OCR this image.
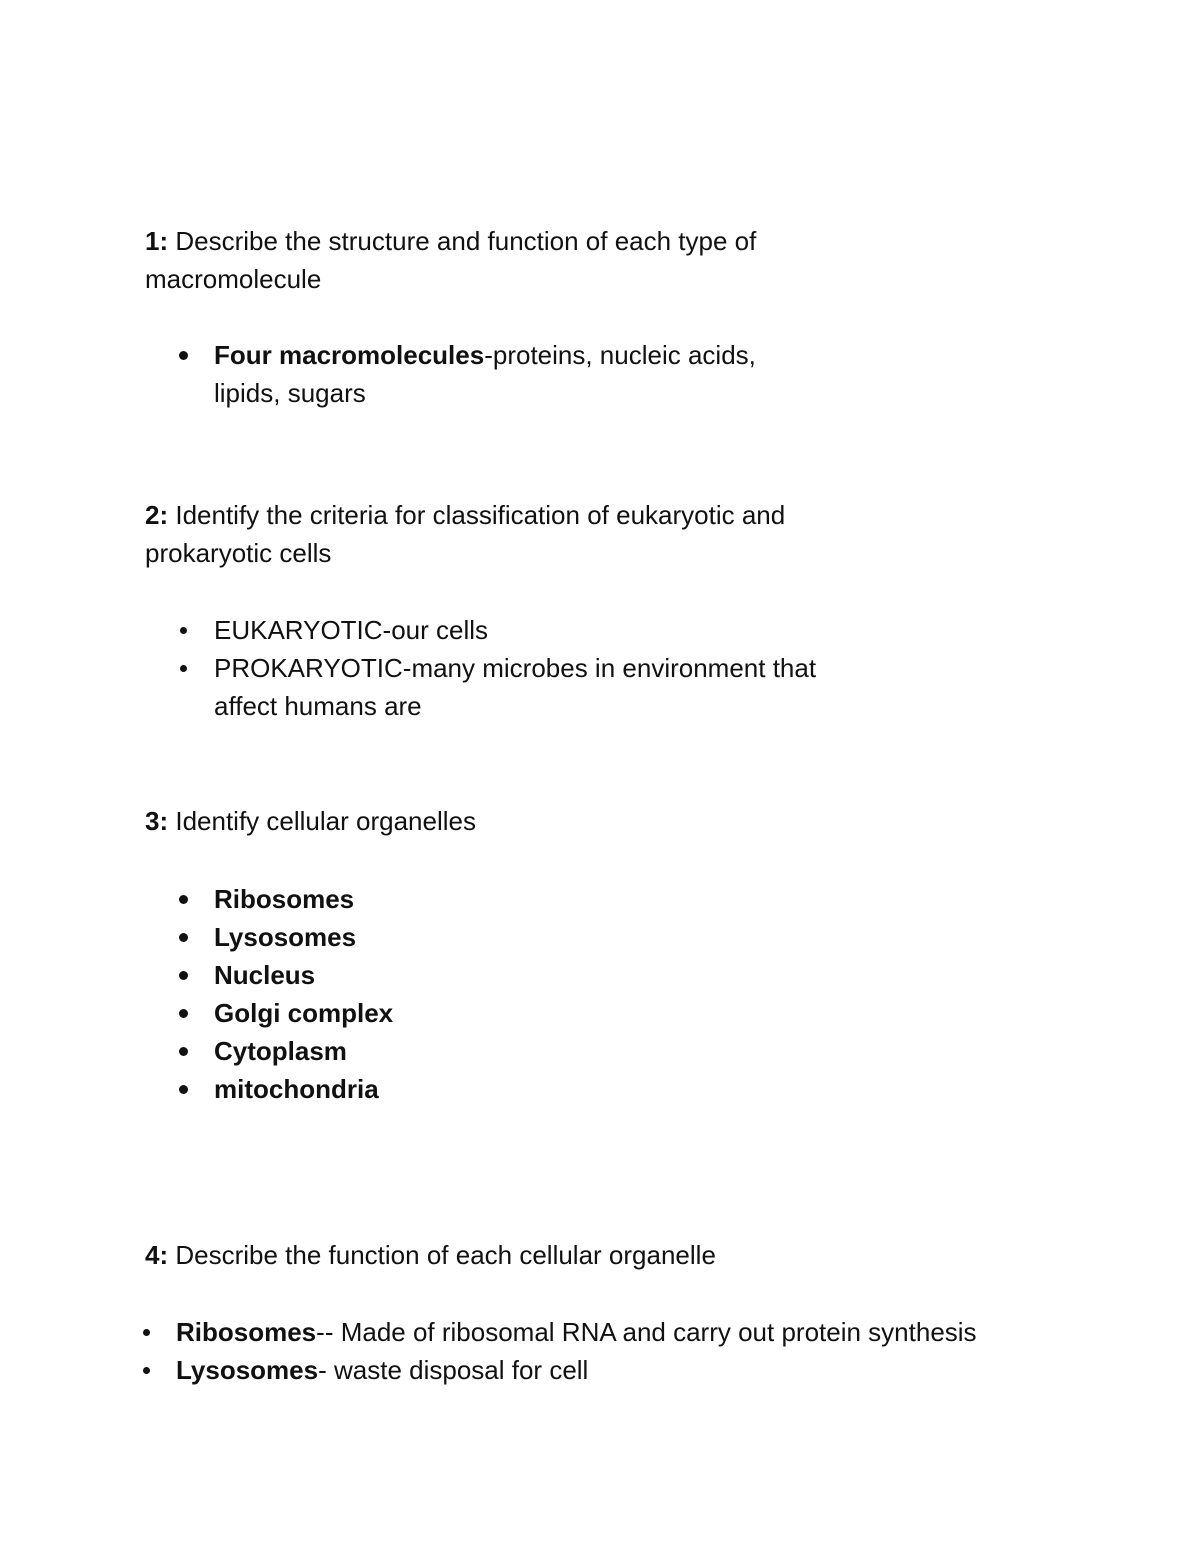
1: Describe the structure and function of each type of
macromolecule

Four macromolecules-proteins, nucleic acids,
lipids, sugars

2: Identify the criteria for classification of eukaryotic and
prokaryotic cells

EUKARYOTIC-our cells
PROKARYOTIC-many microbes in environment that
affect humans are

3: Identify cellular organelles

Ribosomes
Lysosomes
Nucleus
Golgi complex
Cytoplasm
mitochondria

4: Describe the function of each cellular organelle

Ribosomes-- Made of ribosomal RNA and carry out protein synthesis
Lysosomes- waste disposal for cell
